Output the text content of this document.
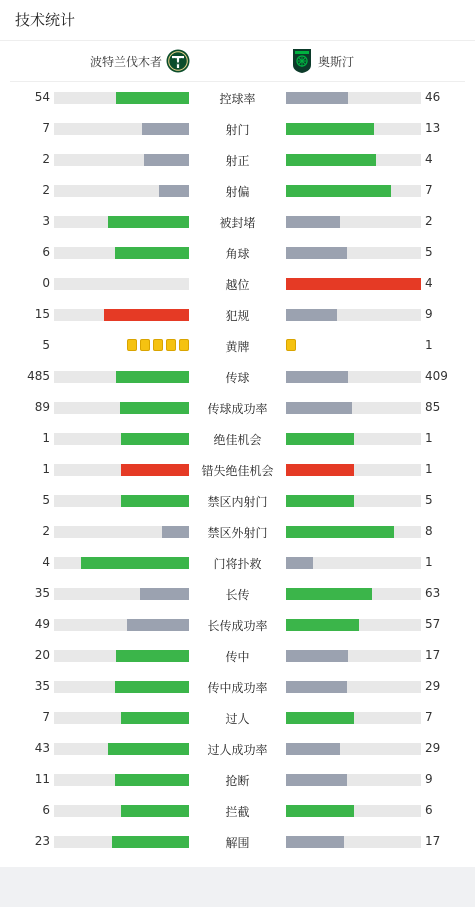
技术统计
波特兰伐木者	奥斯汀
54	控球率	46
7	射门	13
2	射正	4
2	射偏	7
3	被封堵	2
6	角球	5
0	越位	4
15	犯规	9
5	黄牌	1
485	传球	409
89	传球成功率	85
1	绝佳机会	1
1	错失绝佳机会	1
5	禁区内射门	5
2	禁区外射门	8
4	门将扑救	1
35	长传	63
49	长传成功率	57
20	传中	17
35	传中成功率	29
7	过人	7
43	过人成功率	29
11	抢断	9
6	拦截	6
23	解围	17
